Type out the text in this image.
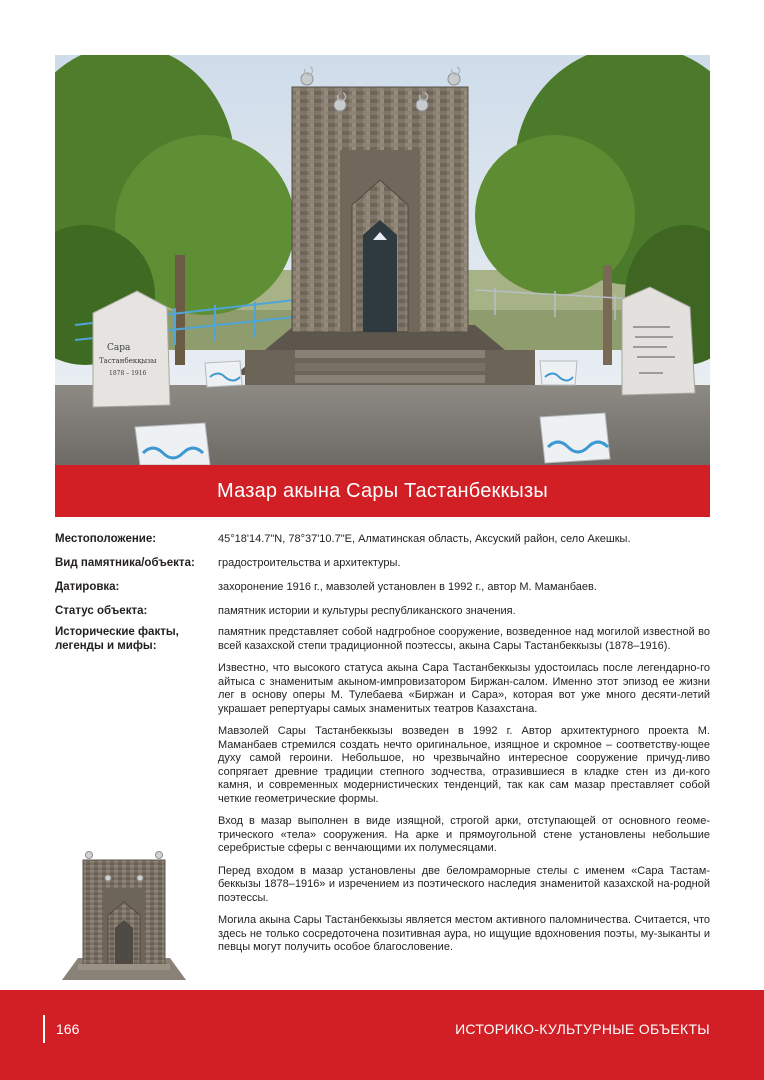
Сара
Тастанбекқызы
1878 – 1916
Мазар акына Сары Тастанбеккызы
Местоположение:	45°18'14.7"N, 78°37'10.7"E, Алматинская область, Аксуский район, село Акешкы.
Вид памятника/объекта:	градостроительства и архитектуры.
Датировка:	захоронение 1916 г., мавзолей установлен в 1992 г., автор М. Маманбаев.
Статус объекта:	памятник истории и культуры республиканского значения.
Исторические факты,
легенды и мифы:

памятник представляет собой надгробное сооружение, возведенное над могилой известной во всей казахской степи традиционной поэтессы, акына Сары Тастанбеккызы (1878–1916).

Известно, что высокого статуса акына Сара Тастанбеккызы удостоилась после легендарно-го айтыса с знаменитым акыном-импровизатором Биржан-салом. Именно этот эпизод ее жизни лег в основу оперы М. Тулебаева «Биржан и Сара», которая вот уже много десяти-летий украшает репертуары самых знаменитых театров Казахстана.

Мавзолей Сары Тастанбеккызы возведен в 1992 г. Автор архитектурного проекта М. Маманбаев стремился создать нечто оригинальное, изящное и скромное – соответству-ющее духу самой героини. Небольшое, но чрезвычайно интересное сооружение причуд-ливо сопрягает древние традиции степного зодчества, отразившиеся в кладке стен из ди-кого камня, и современных модернистических тенденций, так как сам мазар преставляет собой четкие геометрические формы.

Вход в мазар выполнен в виде изящной, строгой арки, отступающей от основного геоме-трического «тела» сооружения. На арке и прямоугольной стене установлены небольшие серебристые сферы с венчающими их полумесяцами.

Перед входом в мазар установлены две беломраморные стелы с именем «Сара Тастам-беккызы 1878–1916» и изречением из поэтического наследия знаменитой казахской на-родной поэтессы.

Могила акына Сары Тастанбеккызы является местом активного паломничества. Считается, что здесь не только сосредоточена позитивная аура, но ищущие вдохновения поэты, му-зыканты и певцы могут получить особое благословение.

166	ИСТОРИКО-КУЛЬТУРНЫЕ ОБЪЕКТЫ
